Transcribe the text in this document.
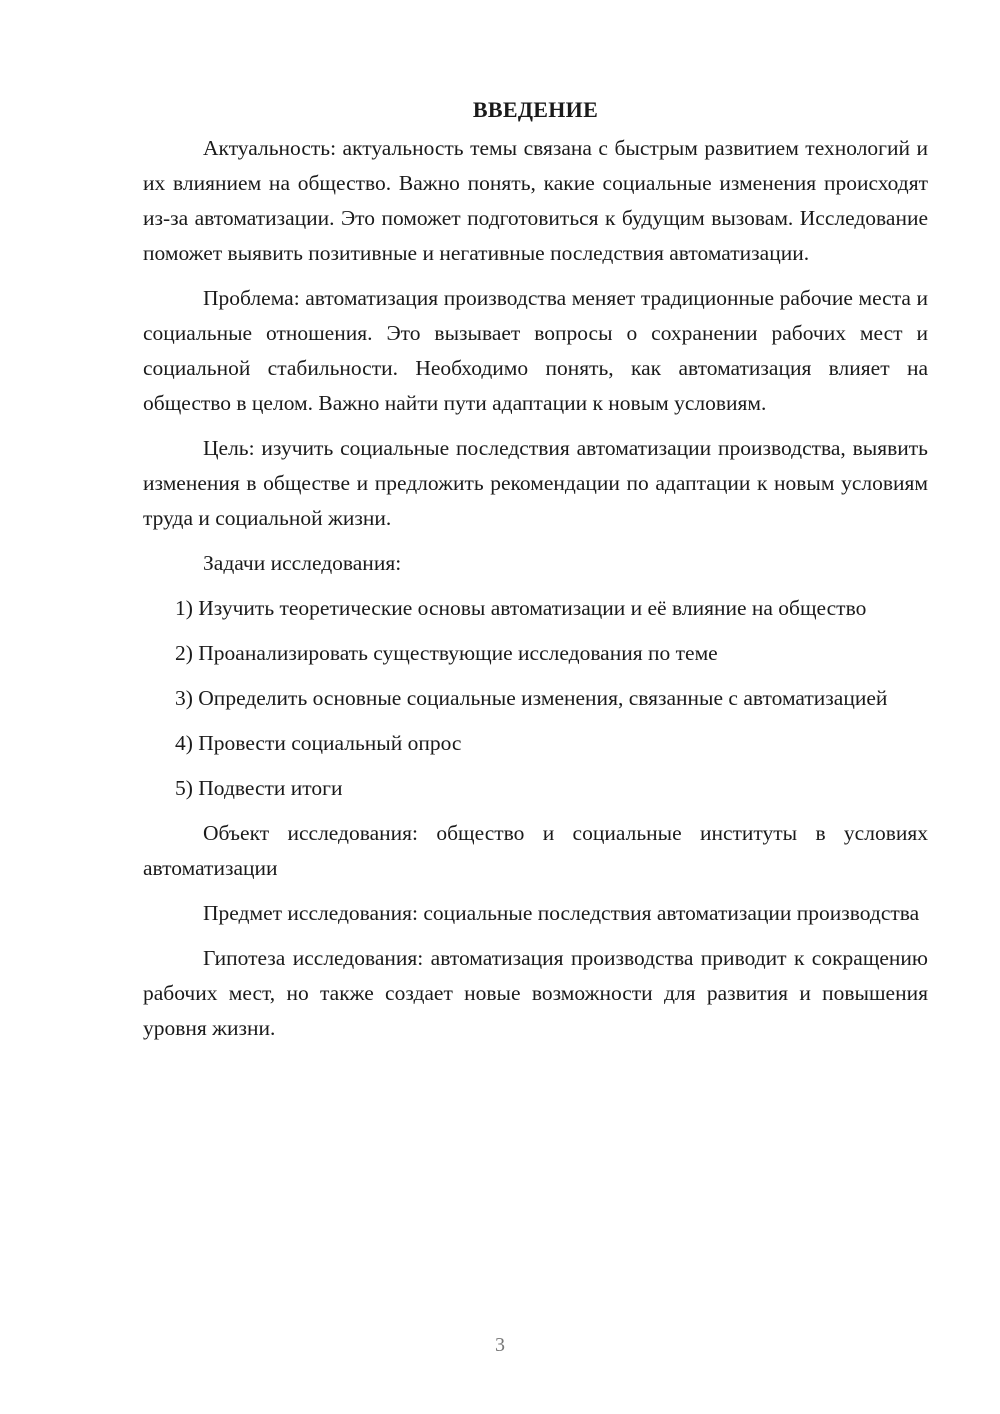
ВВЕДЕНИЕ

Актуальность: актуальность темы связана с быстрым развитием технологий и их влиянием на общество. Важно понять, какие социальные изменения происходят из-за автоматизации. Это поможет подготовиться к будущим вызовам. Исследование поможет выявить позитивные и негативные последствия автоматизации.

Проблема: автоматизация производства меняет традиционные рабочие места и социальные отношения. Это вызывает вопросы о сохранении рабочих мест и социальной стабильности. Необходимо понять, как автоматизация влияет на общество в целом. Важно найти пути адаптации к новым условиям.

Цель: изучить социальные последствия автоматизации производства, выявить изменения в обществе и предложить рекомендации по адаптации к новым условиям труда и социальной жизни.

Задачи исследования:

1) Изучить теоретические основы автоматизации и её влияние на общество

2) Проанализировать существующие исследования по теме

3) Определить основные социальные изменения, связанные с автоматизацией

4) Провести социальный опрос

5) Подвести итоги

Объект исследования: общество и социальные институты в условиях автоматизации

Предмет исследования: социальные последствия автоматизации производства

Гипотеза исследования: автоматизация производства приводит к сокращению рабочих мест, но также создает новые возможности для развития и повышения уровня жизни.

3
